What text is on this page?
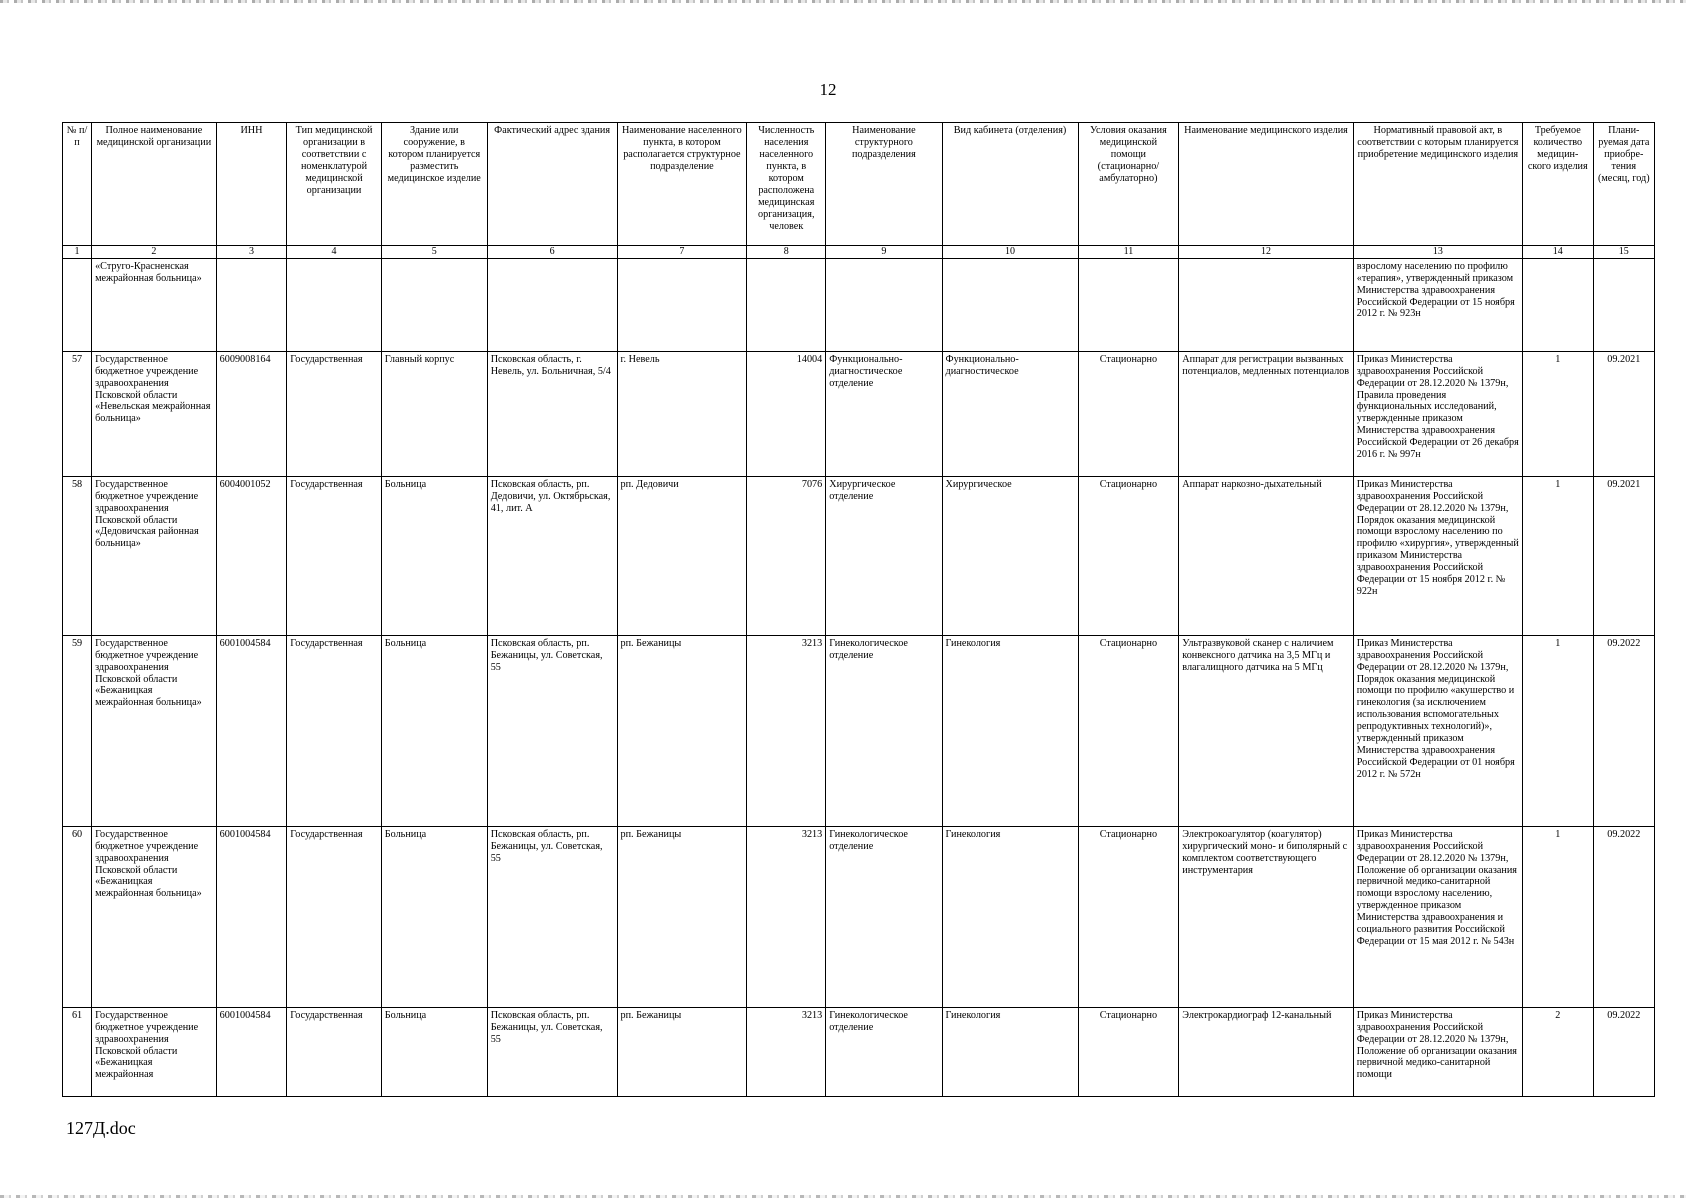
12
№ п/п	Полное наименование медицинской организации	ИНН	Тип медицинской организации в соответствии с номенклатурой медицинской организации	Здание или сооружение, в котором планируется разместить медицинское изделие	Фактический адрес здания	Наименование населенного пункта, в котором располагается структурное подразделение	Численность населения населенного пункта, в котором расположена медицинская организация, человек	Наименование структурного подразделения	Вид кабинета (отделения)	Условия оказания медицинской помощи (стационарно/ амбулаторно)	Наименование медицинского изделия	Нормативный правовой акт, в соответствии с которым планируется приобретение медицинского изделия	Требуемое количество медицин-ского изделия	Плани-руемая дата приобре-тения (месяц, год)
1	2	3	4	5	6	7	8	9	10	11	12	13	14	15
	«Струго-Красненская межрайонная больница»											взрослому населению по профилю «терапия», утвержденный приказом Министерства здравоохранения Российской Федерации от 15 ноября 2012 г. № 923н		
57	Государственное бюджетное учреждение здравоохранения Псковской области «Невельская межрайонная больница»	6009008164	Государственная	Главный корпус	Псковская область, г. Невель, ул. Больничная, 5/4	г. Невель	14004	Функционально-диагностическое отделение	Функционально-диагностическое	Стационарно	Аппарат для регистрации вызванных потенциалов, медленных потенциалов	Приказ Министерства здравоохранения Российской Федерации от 28.12.2020 № 1379н, Правила проведения функциональных исследований, утвержденные приказом Министерства здравоохранения Российской Федерации от 26 декабря 2016 г. № 997н	1	09.2021
58	Государственное бюджетное учреждение здравоохранения Псковской области «Дедовичская районная больница»	6004001052	Государственная	Больница	Псковская область, рп. Дедовичи, ул. Октябрьская, 41, лит. А	рп. Дедовичи	7076	Хирургическое отделение	Хирургическое	Стационарно	Аппарат наркозно-дыхательный	Приказ Министерства здравоохранения Российской Федерации от 28.12.2020 № 1379н, Порядок оказания медицинской помощи взрослому населению по профилю «хирургия», утвержденный приказом Министерства здравоохранения Российской Федерации от 15 ноября 2012 г. № 922н	1	09.2021
59	Государственное бюджетное учреждение здравоохранения Псковской области «Бежаницкая межрайонная больница»	6001004584	Государственная	Больница	Псковская область, рп. Бежаницы, ул. Советская, 55	рп. Бежаницы	3213	Гинекологическое отделение	Гинекология	Стационарно	Ультразвуковой сканер с наличием конвексного датчика на 3,5 МГц и влагалищного датчика на 5 МГц	Приказ Министерства здравоохранения Российской Федерации от 28.12.2020 № 1379н, Порядок оказания медицинской помощи по профилю «акушерство и гинекология (за исключением использования вспомогательных репродуктивных технологий)», утвержденный приказом Министерства здравоохранения Российской Федерации от 01 ноября 2012 г. № 572н	1	09.2022
60	Государственное бюджетное учреждение здравоохранения Псковской области «Бежаницкая межрайонная больница»	6001004584	Государственная	Больница	Псковская область, рп. Бежаницы, ул. Советская, 55	рп. Бежаницы	3213	Гинекологическое отделение	Гинекология	Стационарно	Электрокоагулятор (коагулятор) хирургический моно- и биполярный с комплектом соответствующего инструментария	Приказ Министерства здравоохранения Российской Федерации от 28.12.2020 № 1379н, Положение об организации оказания первичной медико-санитарной помощи взрослому населению, утвержденное приказом Министерства здравоохранения и социального развития Российской Федерации от 15 мая 2012 г. № 543н	1	09.2022
61	Государственное бюджетное учреждение здравоохранения Псковской области «Бежаницкая межрайонная	6001004584	Государственная	Больница	Псковская область, рп. Бежаницы, ул. Советская, 55	рп. Бежаницы	3213	Гинекологическое отделение	Гинекология	Стационарно	Электрокардиограф 12-канальный	Приказ Министерства здравоохранения Российской Федерации от 28.12.2020 № 1379н, Положение об организации оказания первичной медико-санитарной помощи	2	09.2022
127Д.doc
